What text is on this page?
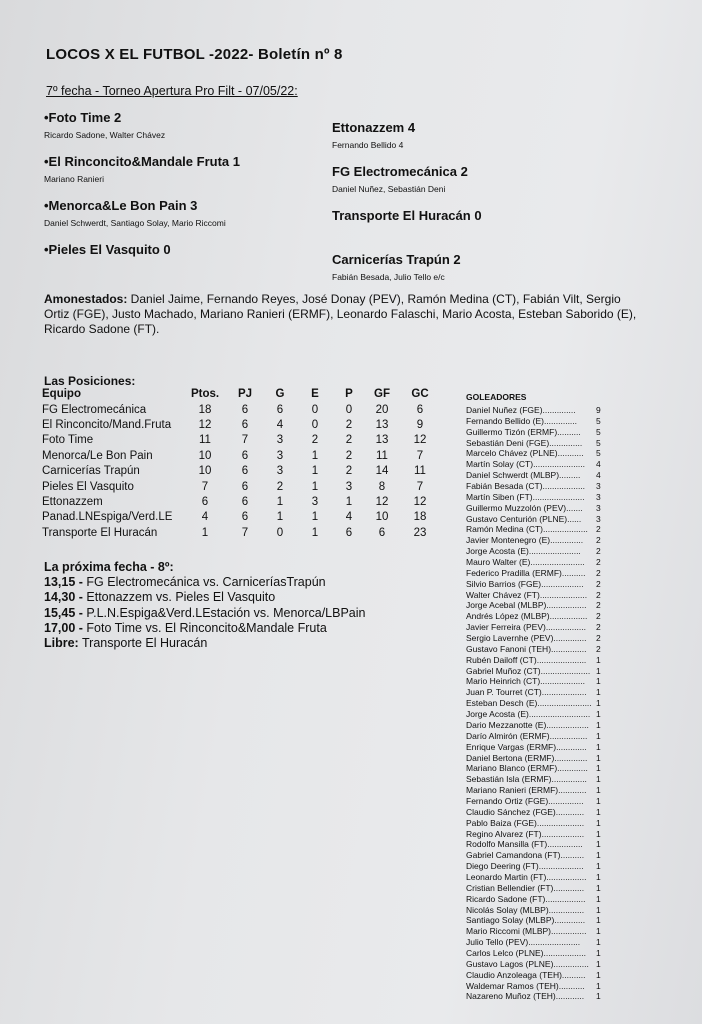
LOCOS X EL FUTBOL -2022- Boletín nº 8
7º fecha - Torneo Apertura Pro Filt - 07/05/22:
•Foto Time 2
Ricardo Sadone, Walter Chávez	Ettonazzem 4
Fernando Bellido 4
•El Rinconcito&Mandale Fruta 1
Mariano Ranieri	FG Electromecánica 2
Daniel Nuñez, Sebastián Deni
•Menorca&Le Bon Pain 3
Daniel Schwerdt, Santiago Solay, Mario Riccomi	Transporte El Huracán 0
•Pieles El Vasquito 0
Carnicerías Trapún 2
Fabián Besada, Julio Tello e/c
Amonestados: Daniel Jaime, Fernando Reyes, José Donay (PEV), Ramón Medina (CT), Fabián Vilt, Sergio Ortiz (FGE), Justo Machado, Mariano Ranieri (ERMF), Leonardo Falaschi, Mario Acosta, Esteban Saborido (E), Ricardo Sadone (FT).
Las Posiciones:
Equipo	Ptos.	PJ	G	E	P	GF	GC
FG Electromecánica	18	6	6	0	0	20	6
El Rinconcito/Mand.Fruta	12	6	4	0	2	13	9
Foto Time	11	7	3	2	2	13	12
Menorca/Le Bon Pain	10	6	3	1	2	11	7
Carnicerías Trapún	10	6	3	1	2	14	11
Pieles El Vasquito	7	6	2	1	3	8	7
Ettonazzem	6	6	1	3	1	12	12
Panad.LNEspiga/Verd.LE	4	6	1	1	4	10	18
Transporte El Huracán	1	7	0	1	6	6	23
La próxima fecha - 8º:
13,15 - FG Electromecánica vs. CarniceríasTrapún
14,30 - Ettonazzem vs. Pieles El Vasquito
15,45 - P.L.N.Espiga&Verd.LEstación vs. Menorca/LBPain
17,00 - Foto Time vs. El Rinconcito&Mandale Fruta
Libre: Transporte El Huracán
GOLEADORES
Daniel Nuñez (FGE).............. 9
Fernando Bellido (E).............. 5
Guillermo Tizón (ERMF).......... 5
Sebastián Deni (FGE).............. 5
Marcelo Chávez (PLNE)........... 5
Martín Solay (CT)...................... 4
Daniel Schwerdt (MLBP)......... 4
Fabián Besada (CT).................. 3
Martín Siben (FT)...................... 3
Guillermo Muzzolón (PEV)....... 3
Gustavo Centurión (PLNE)...... 3
Ramón Medina (CT)................... 2
Javier Montenegro (E).............. 2
Jorge Acosta (E)...................... 2
Mauro Walter (E)....................... 2
Federico Pradilla (ERMF).......... 2
Silvio Barrios (FGE).................. 2
Walter Chávez (FT).................... 2
Jorge Acebal (MLBP)................. 2
Andrés López (MLBP)................ 2
Javier Ferreira (PEV)................. 2
Sergio Lavernhe (PEV).............. 2
Gustavo Fanoni (TEH)............... 2
Rubén Dailoff (CT)..................... 1
Gabriel Muñoz (CT)..................... 1
Mario Heinrich (CT)................... 1
Juan P. Tourret (CT)................... 1
Esteban Desch (E)....................... 1
Jorge Acosta (E).......................... 1
Dario Mezzanotte (E).................. 1
Darío Almirón (ERMF)................ 1
Enrique Vargas (ERMF)............. 1
Daniel Bertona (ERMF).............. 1
Mariano Blanco (ERMF)............. 1
Sebastián Isla (ERMF)............... 1
Mariano Ranieri (ERMF)............ 1
Fernando Ortiz (FGE)............... 1
Claudio Sánchez (FGE)............ 1
Pablo Baiza (FGE).................... 1
Regino Alvarez (FT).................. 1
Rodolfo Mansilla (FT)............... 1
Gabriel Camandona (FT).......... 1
Diego Deering (FT)................... 1
Leonardo Martin (FT)................. 1
Cristian Bellendier (FT)............. 1
Ricardo Sadone (FT)................. 1
Nicolás Solay (MLBP)............... 1
Santiago Solay (MLBP)............. 1
Mario Riccomi (MLBP)............... 1
Julio Tello (PEV)...................... 1
Carlos Lelco (PLNE).................. 1
Gustavo Lagos (PLNE)............... 1
Claudio Anzoleaga (TEH).......... 1
Waldemar Ramos (TEH)........... 1
Nazareno Muñoz (TEH)............ 1
